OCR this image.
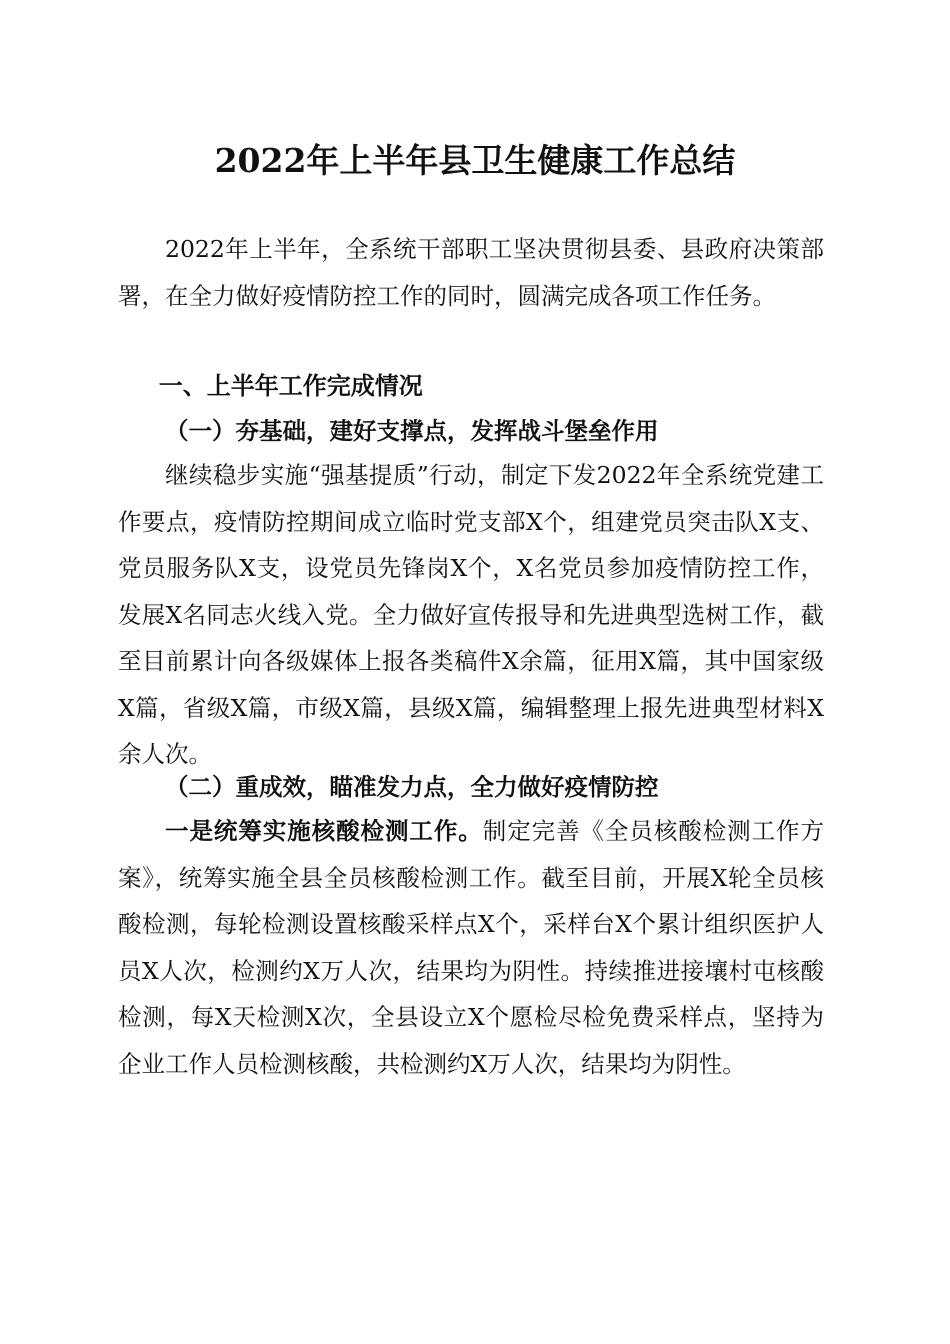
2022年上半年县卫生健康工作总结

2022年上半年，全系统干部职工坚决贯彻县委、县政府决策部署，在全力做好疫情防控工作的同时，圆满完成各项工作任务。

一、上半年工作完成情况
（一）夯基础，建好支撑点，发挥战斗堡垒作用

继续稳步实施“强基提质”行动，制定下发2022年全系统党建工作要点，疫情防控期间成立临时党支部X个，组建党员突击队X支、党员服务队X支，设党员先锋岗X个，X名党员参加疫情防控工作，发展X名同志火线入党。全力做好宣传报导和先进典型选树工作，截至目前累计向各级媒体上报各类稿件X余篇，征用X篇，其中国家级X篇，省级X篇，市级X篇，县级X篇，编辑整理上报先进典型材料X余人次。

（二）重成效，瞄准发力点，全力做好疫情防控

一是统筹实施核酸检测工作。制定完善《全员核酸检测工作方案》，统筹实施全县全员核酸检测工作。截至目前，开展X轮全员核酸检测，每轮检测设置核酸采样点X个，采样台X个累计组织医护人员X人次，检测约X万人次，结果均为阴性。持续推进接壤村屯核酸检测，每X天检测X次，全县设立X个愿检尽检免费采样点，坚持为企业工作人员检测核酸，共检测约X万人次，结果均为阴性。
